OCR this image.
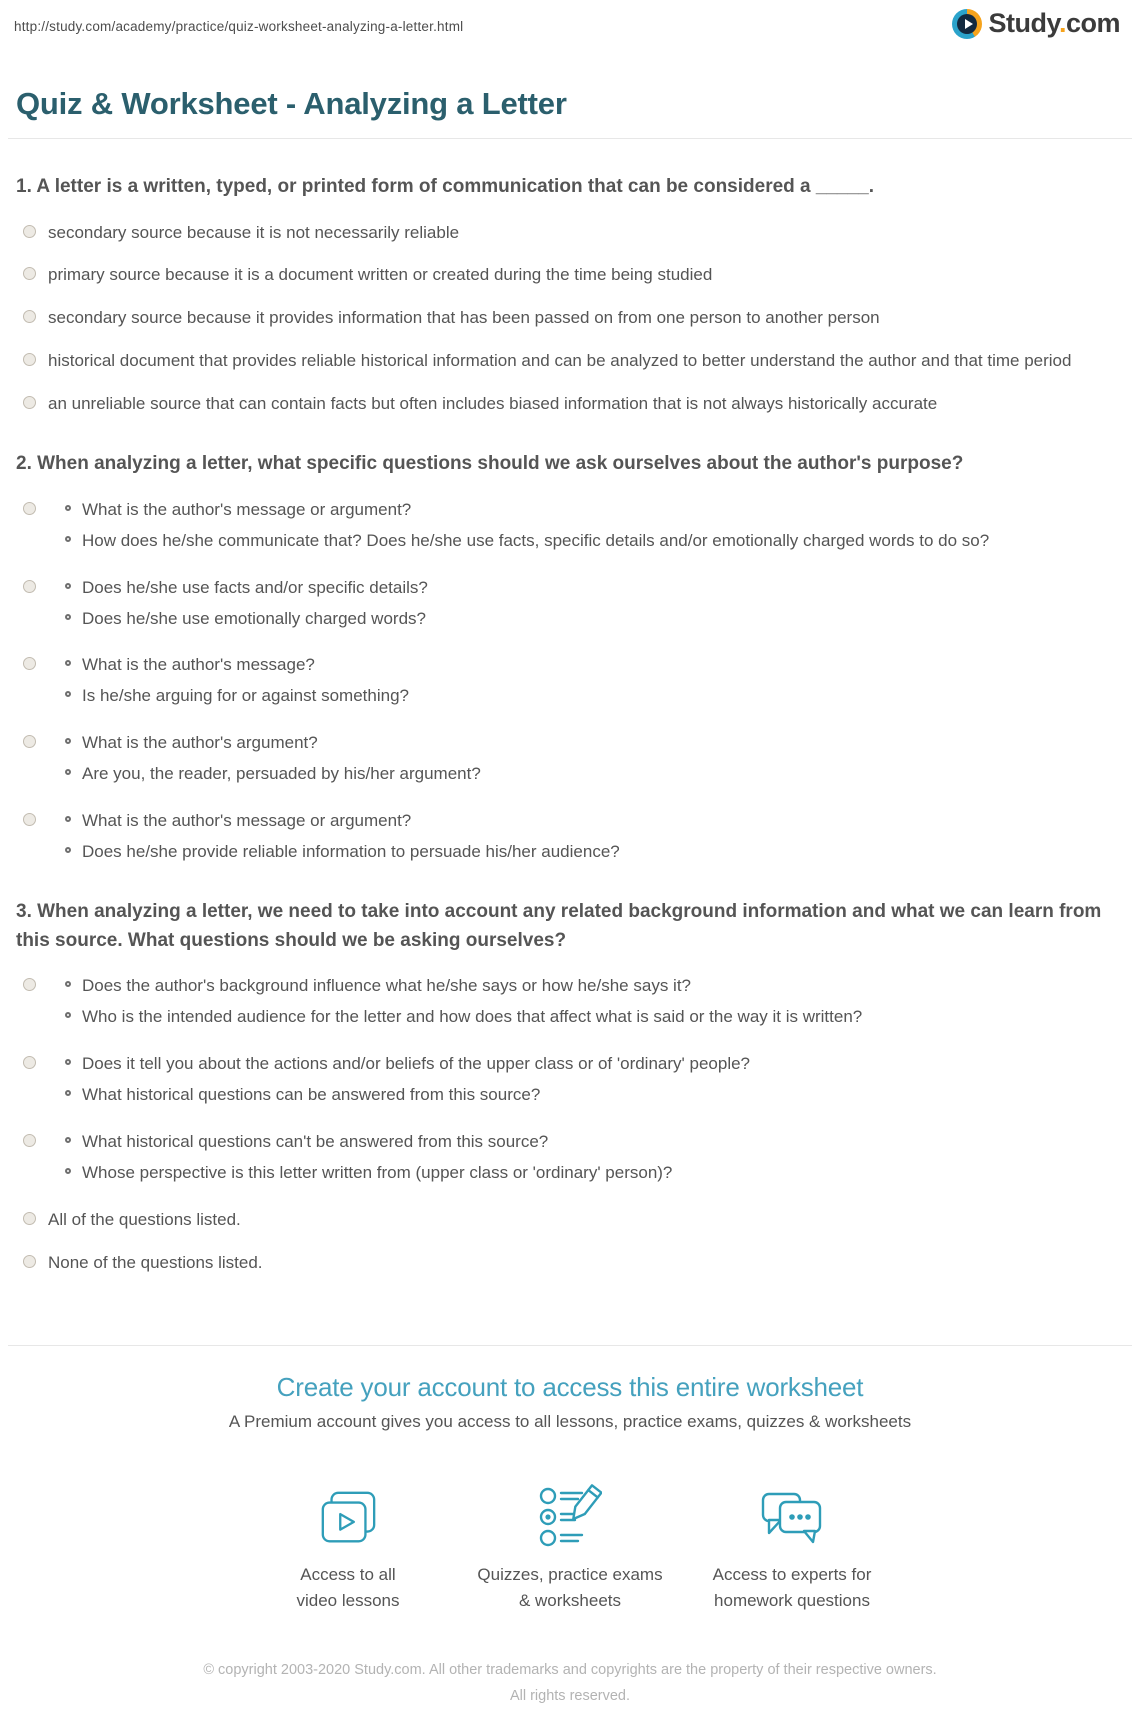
http://study.com/academy/practice/quiz-worksheet-analyzing-a-letter.html	Study.com
Quiz & Worksheet - Analyzing a Letter
1. A letter is a written, typed, or printed form of communication that can be considered a _____.
secondary source because it is not necessarily reliable
primary source because it is a document written or created during the time being studied
secondary source because it provides information that has been passed on from one person to another person
historical document that provides reliable historical information and can be analyzed to better understand the author and that time period
an unreliable source that can contain facts but often includes biased information that is not always historically accurate
2. When analyzing a letter, what specific questions should we ask ourselves about the author's purpose?
What is the author's message or argument?
How does he/she communicate that? Does he/she use facts, specific details and/or emotionally charged words to do so?
Does he/she use facts and/or specific details?
Does he/she use emotionally charged words?
What is the author's message?
Is he/she arguing for or against something?
What is the author's argument?
Are you, the reader, persuaded by his/her argument?
What is the author's message or argument?
Does he/she provide reliable information to persuade his/her audience?
3. When analyzing a letter, we need to take into account any related background information and what we can learn from this source. What questions should we be asking ourselves?
Does the author's background influence what he/she says or how he/she says it?
Who is the intended audience for the letter and how does that affect what is said or the way it is written?
Does it tell you about the actions and/or beliefs of the upper class or of 'ordinary' people?
What historical questions can be answered from this source?
What historical questions can't be answered from this source?
Whose perspective is this letter written from (upper class or 'ordinary' person)?
All of the questions listed.
None of the questions listed.
Create your account to access this entire worksheet
A Premium account gives you access to all lessons, practice exams, quizzes & worksheets
Access to all
video lessons
Quizzes, practice exams
& worksheets
Access to experts for
homework questions
© copyright 2003-2020 Study.com. All other trademarks and copyrights are the property of their respective owners. All rights reserved.
